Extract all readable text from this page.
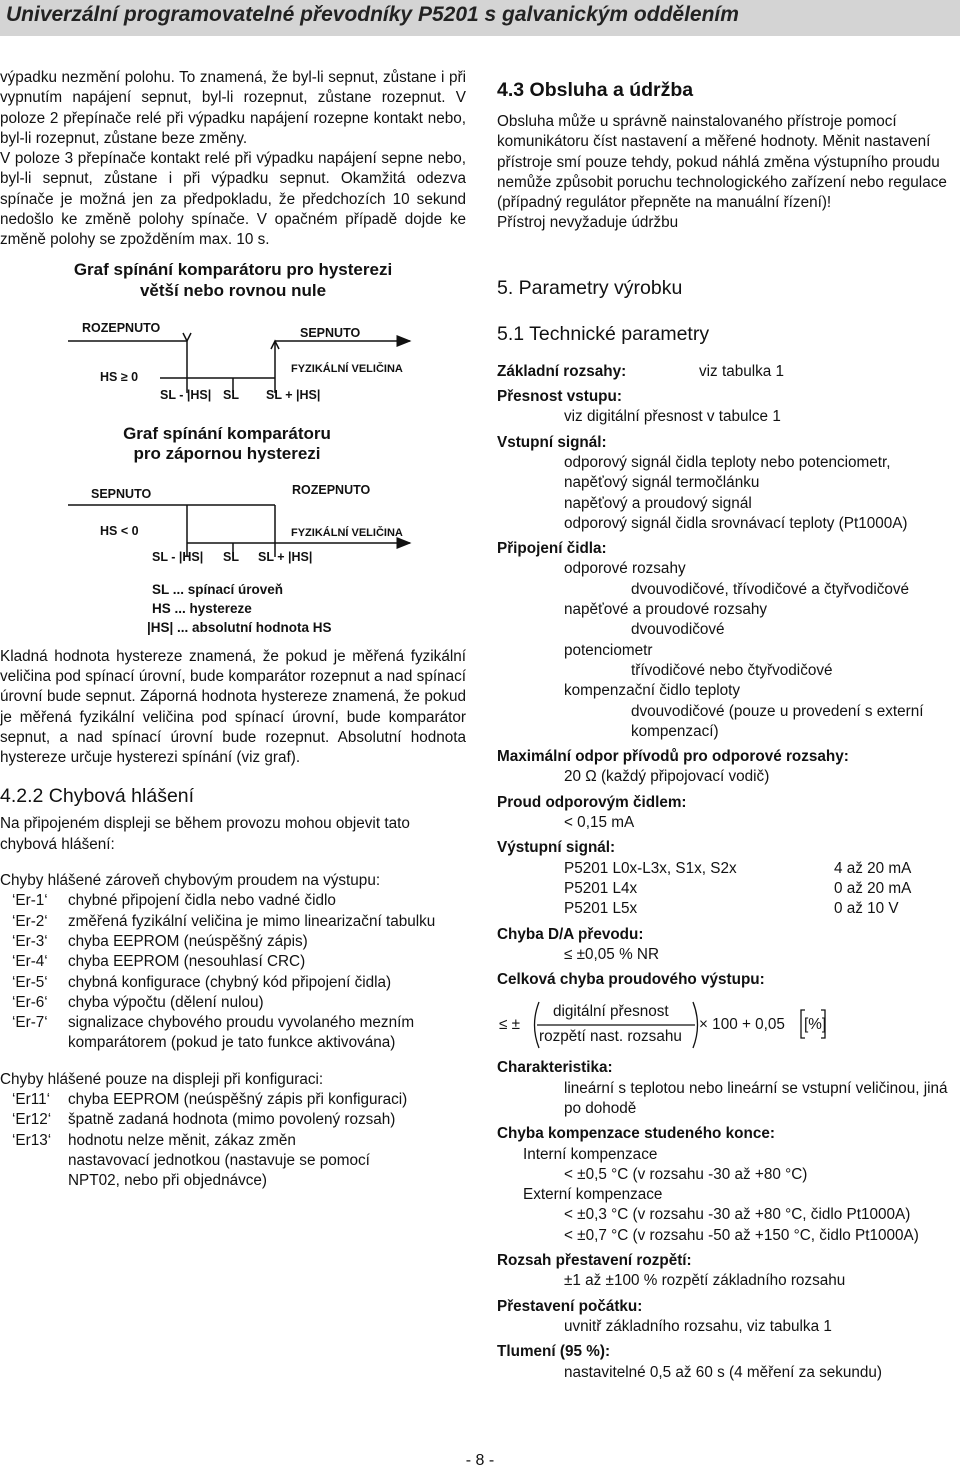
Univerzální programovatelné převodníky P5201 s galvanickým oddělením

výpadku nezmění polohu. To znamená, že byl-li sepnut, zůstane i při vypnutím napájení sepnut, byl-li rozepnut, zůstane rozepnut. V poloze 2 přepínače relé při výpadku napájení rozepne kontakt nebo, byl-li rozepnut, zůstane beze změny.

V poloze 3 přepínače kontakt relé při výpadku napájení sepne nebo, byl-li sepnut, zůstane i při výpadku sepnut. Okamžitá odezva spínače je možná jen za předpokladu, že předchozích 10 sekund nedošlo ke změně polohy spínače. V opačném případě dojde ke změně polohy se zpožděním max. 10 s.

Graf spínání komparátoru pro hysterezi
větší nebo rovnou nule
ROZEPNUTO	SEPNUTO
HS ≥ 0
FYZIKÁLNÍ VELIČINA
SL - |HS| SL SL + |HS|
Graf spínání komparátoru
pro zápornou hysterezi
SEPNUTO	ROZEPNUTO
HS < 0	FYZIKÁLNÍ VELIČINA
SL - |HS| SL SL + |HS|
SL ... spínací úroveň
HS ... hystereze
|HS| ... absolutní hodnota HS

Kladná hodnota hystereze znamená, že pokud je měřená fyzikální veličina pod spínací úrovní, bude komparátor rozepnut a nad spínací úrovní bude sepnut. Záporná hodnota hystereze znamená, že pokud je měřená fyzikální veličina pod spínací úrovní, bude komparátor sepnut, a nad spínací úrovní bude rozepnut. Absolutní hodnota hystereze určuje hysterezi spínání (viz graf).

4.2.2 Chybová hlášení

Na připojeném displeji se během provozu mohou objevit tato chybová hlášení:

Chyby hlášené zároveň chybovým proudem na výstupu:

‘Er-1‘	chybné připojení čidla nebo vadné čidlo
‘Er-2‘	změřená fyzikální veličina je mimo linearizační tabulku
‘Er-3‘	chyba EEPROM (neúspěšný zápis)
‘Er-4‘	chyba EEPROM (nesouhlasí CRC)
‘Er-5‘	chybná konfigurace (chybný kód připojení čidla)
‘Er-6‘	chyba výpočtu (dělení nulou)
‘Er-7‘	signalizace chybového proudu vyvolaného mezním komparátorem (pokud je tato funkce aktivována)

Chyby hlášené pouze na displeji při konfiguraci:

‘Er11‘	chyba EEPROM (neúspěšný zápis při konfiguraci)
‘Er12‘	špatně zadaná hodnota (mimo povolený rozsah)
‘Er13‘	hodnotu nelze měnit, zákaz změn nastavovací jednotkou (nastavuje se pomocí NPT02, nebo při objednávce)
4.3 Obsluha a údržba

Obsluha může u správně nainstalovaného přístroje pomocí komunikátoru číst nastavení a měřené hodnoty. Měnit nastavení přístroje smí pouze tehdy, pokud náhlá změna výstupního proudu nemůže způsobit poruchu technologického zařízení nebo regulace (případný regulátor přepněte na manuální řízení)!

Přístroj nevyžaduje údržbu

5. Parametry výrobku
5.1 Technické parametry
Základní rozsahy:	viz tabulka 1
Přesnost vstupu:
viz digitální přesnost v tabulce 1
Vstupní signál:
odporový signál čidla teploty nebo potenciometr,
napěťový signál termočlánku
napěťový a proudový signál
odporový signál čidla srovnávací teploty (Pt1000A)
Připojení čidla:
odporové rozsahy
dvouvodičové, třívodičové a čtyřvodičové
napěťové a proudové rozsahy
dvouvodičové
potenciometr
třívodičové nebo čtyřvodičové
kompenzační čidlo teploty
dvouvodičové (pouze u provedení s externí kompenzací)
Maximální odpor přívodů pro odporové rozsahy:
20 Ω (každý připojovací vodič)
Proud odporovým čidlem:
< 0,15 mA
Výstupní signál:
P5201 L0x-L3x, S1x, S2x	4 až 20 mA
P5201 L4x	0 až 20 mA
P5201 L5x	0 až 10 V
Chyba D/A převodu:
≤ ±0,05 % NR
Celková chyba proudového výstupu:
≤ ±
digitální přesnost
rozpětí nast. rozsahu
× 100 + 0,05 [%]
Charakteristika:
lineární s teplotou nebo lineární se vstupní veličinou, jiná po dohodě
Chyba kompenzace studeného konce:
Interní kompenzace
< ±0,5 °C (v rozsahu -30 až +80 °C)
Externí kompenzace
< ±0,3 °C (v rozsahu -30 až +80 °C, čidlo Pt1000A)
< ±0,7 °C (v rozsahu -50 až +150 °C, čidlo Pt1000A)
Rozsah přestavení rozpětí:
±1 až ±100 % rozpětí základního rozsahu
Přestavení počátku:
uvnitř základního rozsahu, viz tabulka 1
Tlumení (95 %):
nastavitelné 0,5 až 60 s (4 měření za sekundu)
- 8 -
